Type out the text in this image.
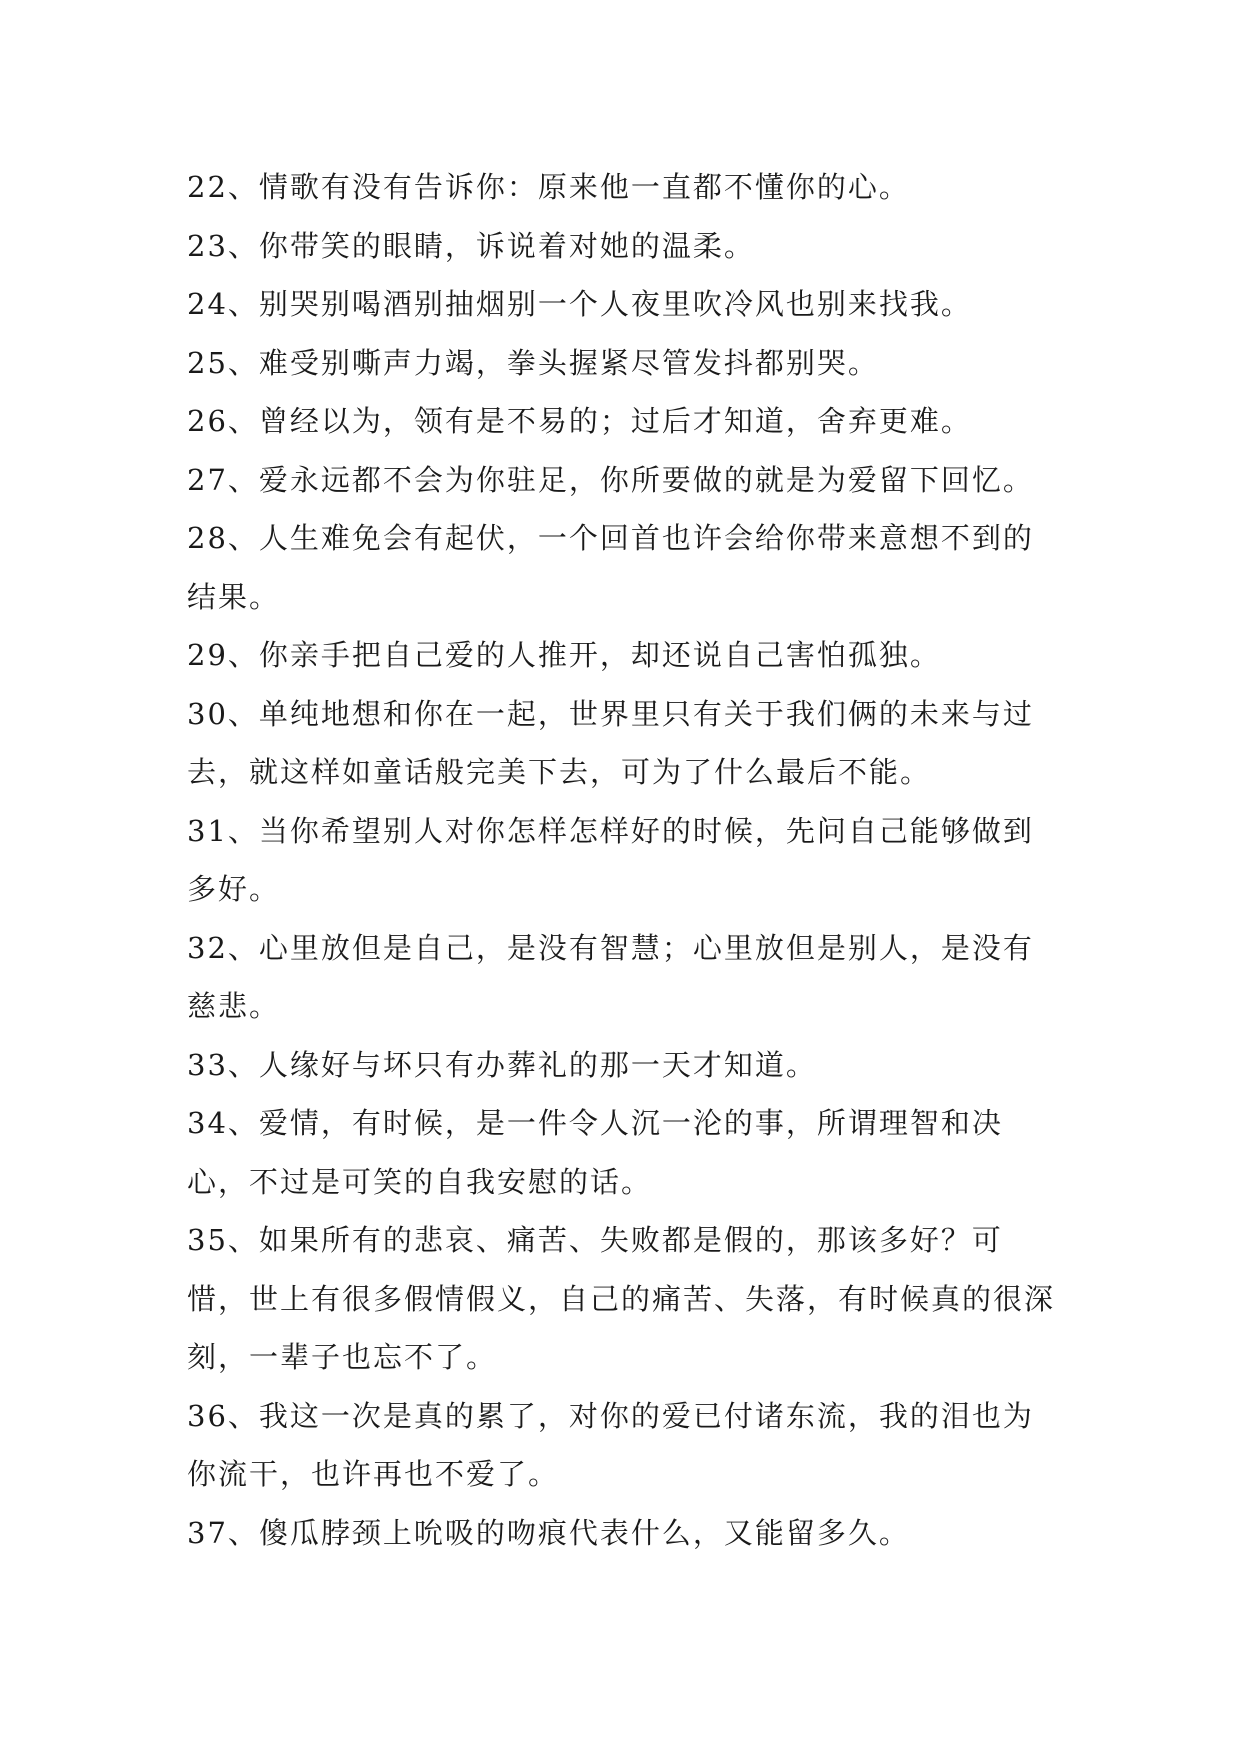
22、情歌有没有告诉你：原来他一直都不懂你的心。

23、你带笑的眼睛，诉说着对她的温柔。

24、别哭别喝酒别抽烟别一个人夜里吹冷风也别来找我。

25、难受别嘶声力竭，拳头握紧尽管发抖都别哭。

26、曾经以为，领有是不易的；过后才知道，舍弃更难。

27、爱永远都不会为你驻足，你所要做的就是为爱留下回忆。

28、人生难免会有起伏，一个回首也许会给你带来意想不到的结果。

29、你亲手把自己爱的人推开，却还说自己害怕孤独。

30、单纯地想和你在一起，世界里只有关于我们俩的未来与过去，就这样如童话般完美下去，可为了什么最后不能。

31、当你希望别人对你怎样怎样好的时候，先问自己能够做到多好。

32、心里放但是自己，是没有智慧；心里放但是别人，是没有慈悲。

33、人缘好与坏只有办葬礼的那一天才知道。

34、爱情，有时候，是一件令人沉一沦的事，所谓理智和决心，不过是可笑的自我安慰的话。

35、如果所有的悲哀、痛苦、失败都是假的，那该多好？可惜，世上有很多假情假义，自己的痛苦、失落，有时候真的很深刻，一辈子也忘不了。

36、我这一次是真的累了，对你的爱已付诸东流，我的泪也为你流干，也许再也不爱了。

37、傻瓜脖颈上吮吸的吻痕代表什么，又能留多久。
